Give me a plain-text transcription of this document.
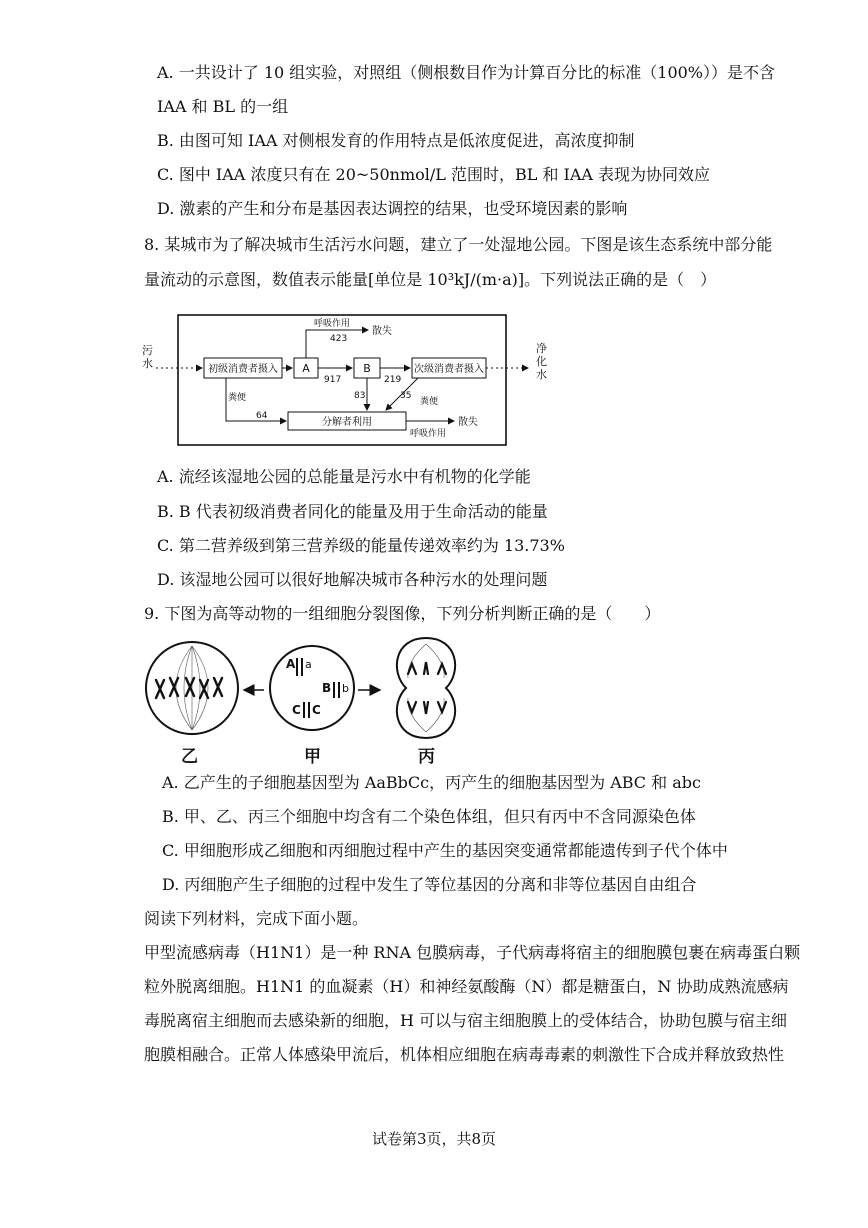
A. 一共设计了 10 组实验，对照组（侧根数目作为计算百分比的标准（100%））是不含
IAA 和 BL 的一组
B. 由图可知 IAA 对侧根发育的作用特点是低浓度促进，高浓度抑制
C. 图中 IAA 浓度只有在 20~50nmol/L 范围时，BL 和 IAA 表现为协同效应
D. 激素的产生和分布是基因表达调控的结果，也受环境因素的影响
8. 某城市为了解决城市生活污水问题，建立了一处湿地公园。下图是该生态系统中部分能
量流动的示意图，数值表示能量[单位是 10³kJ/(m·a)]。下列说法正确的是（　）
污水	初级消费者摄入 A
呼吸作用
423
散失
917
B
219
次级消费者摄入
净化水
分解者利用
粪便
64
83	35
粪便
呼吸作用
散失
A. 流经该湿地公园的总能量是污水中有机物的化学能
B. B 代表初级消费者同化的能量及用于生命活动的能量
C. 第二营养级到第三营养级的能量传递效率约为 13.73%
D. 该湿地公园可以很好地解决城市各种污水的处理问题
9. 下图为高等动物的一组细胞分裂图像，下列分析判断正确的是（　　）
A a
B b
C C
乙	甲	丙
A. 乙产生的子细胞基因型为 AaBbCc，丙产生的细胞基因型为 ABC 和 abc
B. 甲、乙、丙三个细胞中均含有二个染色体组，但只有丙中不含同源染色体
C. 甲细胞形成乙细胞和丙细胞过程中产生的基因突变通常都能遗传到子代个体中
D. 丙细胞产生子细胞的过程中发生了等位基因的分离和非等位基因自由组合
阅读下列材料，完成下面小题。
甲型流感病毒（H1N1）是一种 RNA 包膜病毒，子代病毒将宿主的细胞膜包裹在病毒蛋白颗
粒外脱离细胞。H1N1 的血凝素（H）和神经氨酸酶（N）都是糖蛋白，N 协助成熟流感病
毒脱离宿主细胞而去感染新的细胞，H 可以与宿主细胞膜上的受体结合，协助包膜与宿主细
胞膜相融合。正常人体感染甲流后，机体相应细胞在病毒毒素的刺激性下合成并释放致热性
试卷第3页，共8页
